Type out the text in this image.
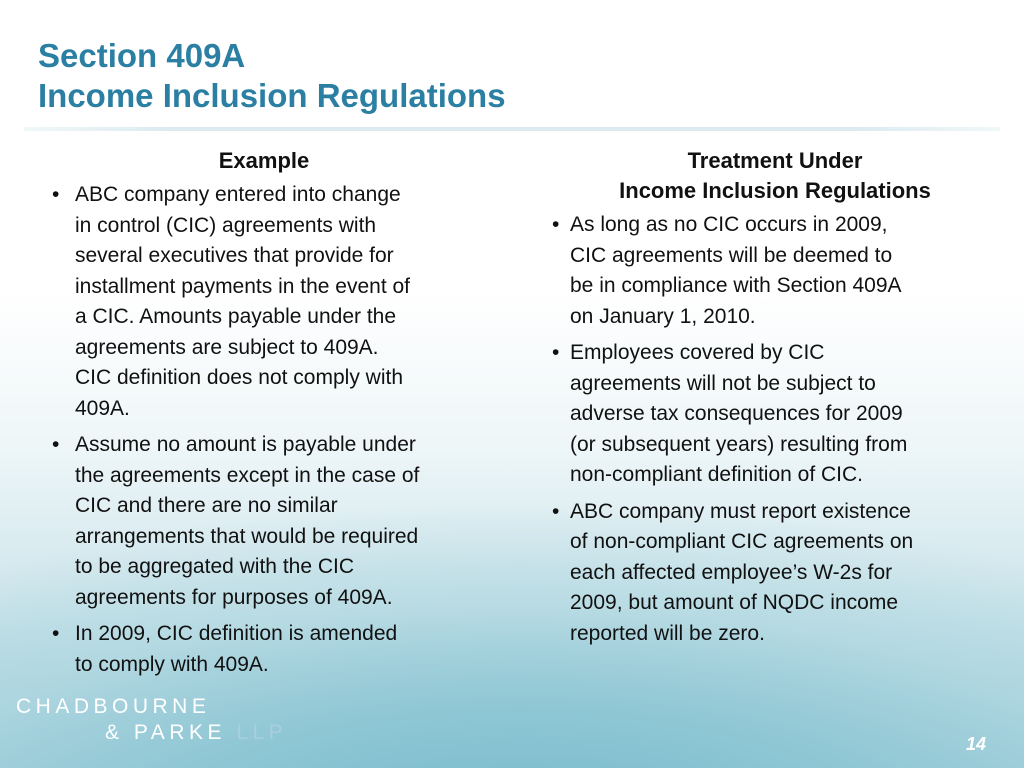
Section 409A
Income Inclusion Regulations
Example
• ABC company entered into change
in control (CIC) agreements with
several executives that provide for
installment payments in the event of
a CIC. Amounts payable under the
agreements are subject to 409A.
CIC definition does not comply with
409A.
• Assume no amount is payable under
the agreements except in the case of
CIC and there are no similar
arrangements that would be required
to be aggregated with the CIC
agreements for purposes of 409A.
• In 2009, CIC definition is amended
to comply with 409A.
Treatment Under
Income Inclusion Regulations
• As long as no CIC occurs in 2009,
CIC agreements will be deemed to
be in compliance with Section 409A
on January 1, 2010.
• Employees covered by CIC
agreements will not be subject to
adverse tax consequences for 2009
(or subsequent years) resulting from
non-compliant definition of CIC.
• ABC company must report existence
of non-compliant CIC agreements on
each affected employee’s W-2s for
2009, but amount of NQDC income
reported will be zero.
CHADBOURNE
& PARKE LLP	14
